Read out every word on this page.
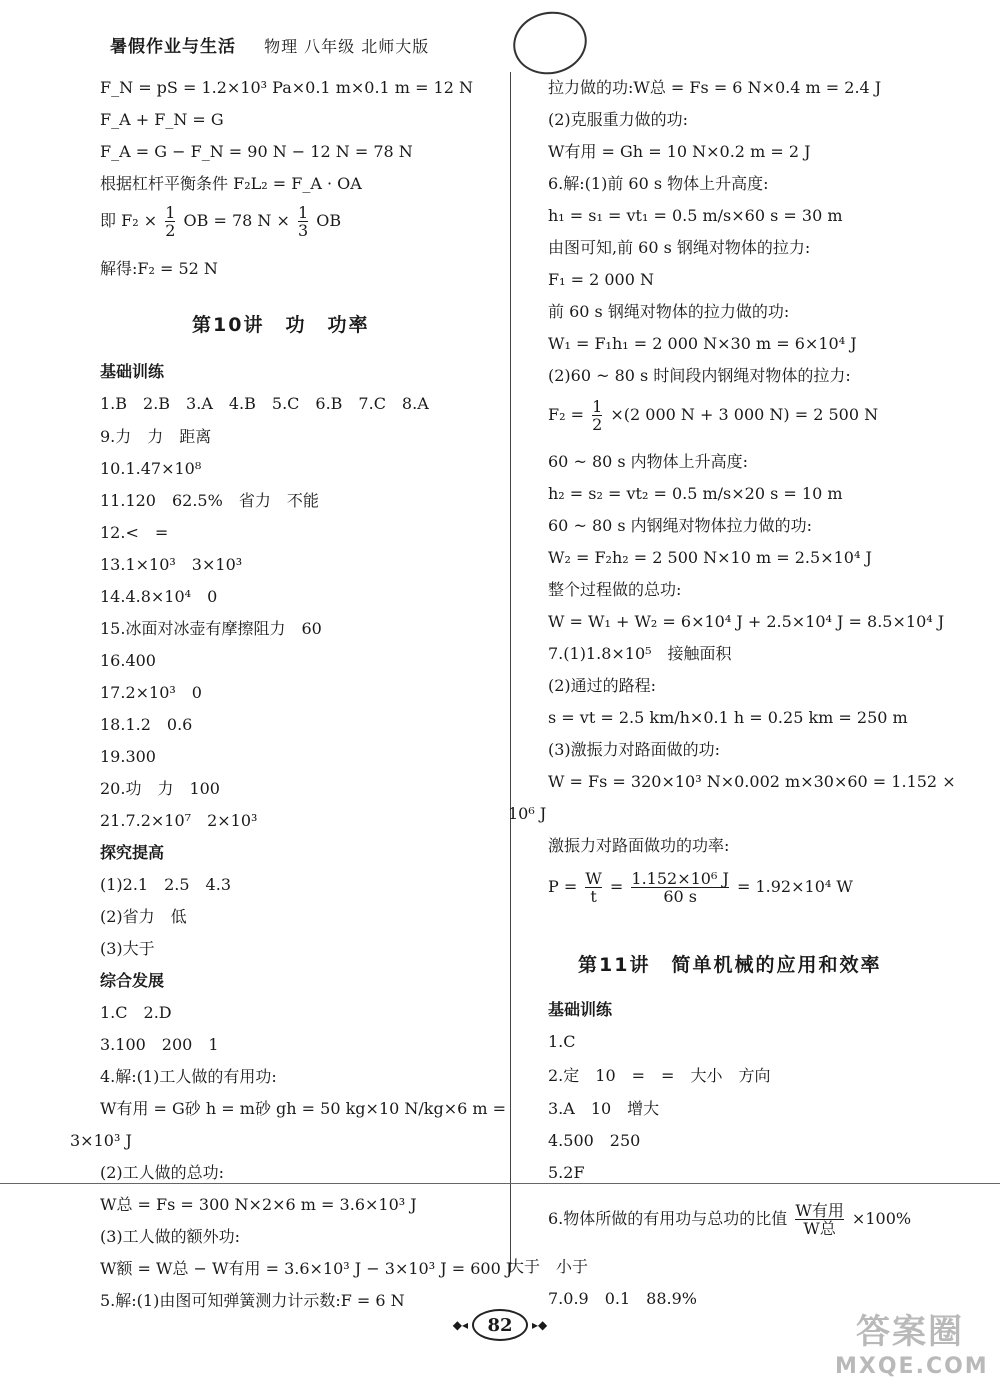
暑假作业与生活 物理 八年级 北师大版
F_N = pS = 1.2×10³ Pa×0.1 m×0.1 m = 12 N
F_A + F_N = G
F_A = G − F_N = 90 N − 12 N = 78 N
根据杠杆平衡条件 F₂L₂ = F_A · OA
即 $F_2 \times \frac{1}{2}$ OB = 78 $N \times \frac{1}{3}$ OB
解得:F₂ = 52 N
第10讲　功　功率
基础训练
1.B　2.B　3.A　4.B　5.C　6.B　7.C　8.A
9.力　力　距离
10.1.47×10⁸
11.120　62.5%　省力　不能
12.<　=
13.1×10³　3×10³
14.4.8×10⁴　0
15.冰面对冰壶有摩擦阻力　60
16.400
17.2×10³　0
18.1.2　0.6
19.300
20.功　力　100
21.7.2×10⁷　2×10³
探究提高
(1)2.1　2.5　4.3
(2)省力　低
(3)大于
综合发展
1.C　2.D
3.100　200　1
4.解:(1)工人做的有用功:
W有用 = G砂 h = m砂 gh = 50 kg×10 N/kg×6 m =
3×10³ J
(2)工人做的总功:
W总 = Fs = 300 N×2×6 m = 3.6×10³ J
(3)工人做的额外功:
W额 = W总 − W有用 = 3.6×10³ J − 3×10³ J = 600 J
5.解:(1)由图可知弹簧测力计示数:F = 6 N
拉力做的功:W总 = Fs = 6 N×0.4 m = 2.4 J
(2)克服重力做的功:
W有用 = Gh = 10 N×0.2 m = 2 J
6.解:(1)前 60 s 物体上升高度:
h₁ = s₁ = vt₁ = 0.5 m/s×60 s = 30 m
由图可知,前 60 s 钢绳对物体的拉力:
F₁ = 2 000 N
前 60 s 钢绳对物体的拉力做的功:
W₁ = F₁h₁ = 2 000 N×30 m = 6×10⁴ J
(2)60 ~ 80 s 时间段内钢绳对物体的拉力:
$F_2 = \frac{1}{2} \times(2$ 000 N + 3 000 N) = 2 500 N
60 ~ 80 s 内物体上升高度:
h₂ = s₂ = vt₂ = 0.5 m/s×20 s = 10 m
60 ~ 80 s 内钢绳对物体拉力做的功:
W₂ = F₂h₂ = 2 500 N×10 m = 2.5×10⁴ J
整个过程做的总功:
W = W₁ + W₂ = 6×10⁴ J + 2.5×10⁴ J = 8.5×10⁴ J
7.(1)1.8×10⁵　接触面积
(2)通过的路程:
s = vt = 2.5 km/h×0.1 h = 0.25 km = 250 m
(3)激振力对路面做的功:
W = Fs = 320×10³ N×0.002 m×30×60 = 1.152 ×
10⁶ J
激振力对路面做功的功率:
$P = \frac{W}{t} = \frac{\text{1.152×10⁶ J}}{60 s} = 1.92\times 10^4$ W
第11讲　简单机械的应用和效率
基础训练
1.C
2.定　10　=　=　大小　方向
3.A　10　增大
4.500　250
5.2F
6.物体所做的有用功与总功的比值 $\frac{\text{W有用}}{\text{W总}} \times 100\%$
大于　小于
7.0.9　0.1　88.9%
◆◂	82	▸◆	答案圈
MXQE.COM
